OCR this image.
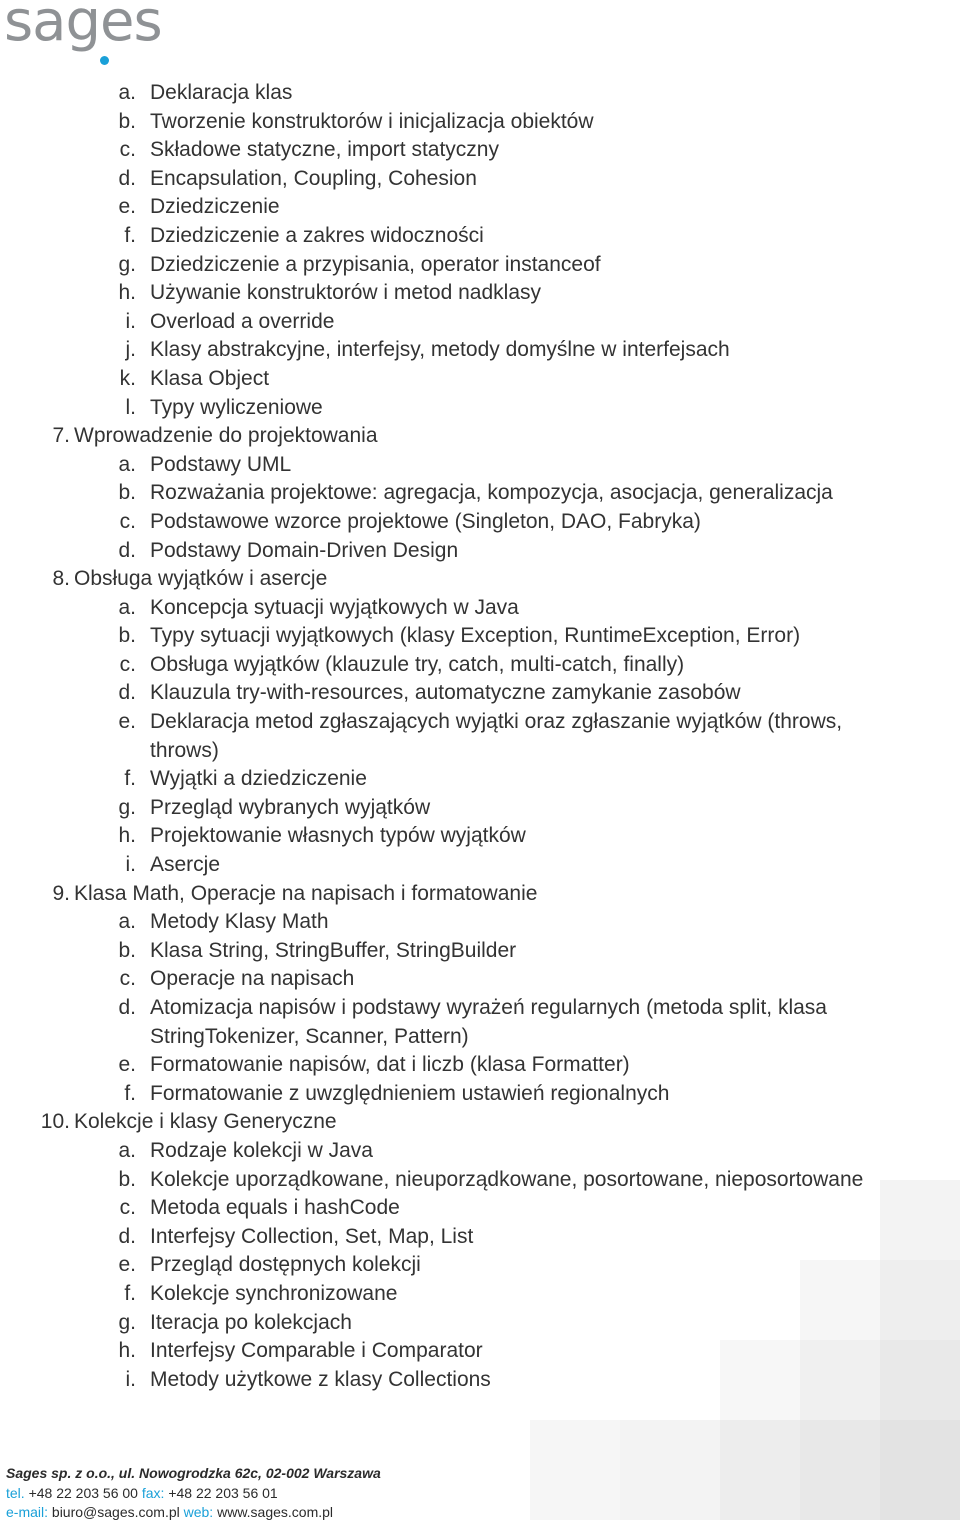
sages
a. Deklaracja klas
b. Tworzenie konstruktorów i inicjalizacja obiektów
c. Składowe statyczne, import statyczny
d. Encapsulation, Coupling, Cohesion
e. Dziedziczenie
f. Dziedziczenie a zakres widoczności
g. Dziedziczenie a przypisania, operator instanceof
h. Używanie konstruktorów i metod nadklasy
i. Overload a override
j. Klasy abstrakcyjne, interfejsy, metody domyślne w interfejsach
k. Klasa Object
l. Typy wyliczeniowe
7. Wprowadzenie do projektowania
a. Podstawy UML
b. Rozważania projektowe: agregacja, kompozycja, asocjacja, generalizacja
c. Podstawowe wzorce projektowe (Singleton, DAO, Fabryka)
d. Podstawy Domain-Driven Design
8. Obsługa wyjątków i asercje
a. Koncepcja sytuacji wyjątkowych w Java
b. Typy sytuacji wyjątkowych (klasy Exception, RuntimeException, Error)
c. Obsługa wyjątków (klauzule try, catch, multi-catch, finally)
d. Klauzula try-with-resources, automatyczne zamykanie zasobów
e. Deklaracja metod zgłaszających wyjątki oraz zgłaszanie wyjątków (throws, throws)
f. Wyjątki a dziedziczenie
g. Przegląd wybranych wyjątków
h. Projektowanie własnych typów wyjątków
i. Asercje
9. Klasa Math, Operacje na napisach i formatowanie
a. Metody Klasy Math
b. Klasa String, StringBuffer, StringBuilder
c. Operacje na napisach
d. Atomizacja napisów i podstawy wyrażeń regularnych (metoda split, klasa StringTokenizer, Scanner, Pattern)
e. Formatowanie napisów, dat i liczb (klasa Formatter)
f. Formatowanie z uwzględnieniem ustawień regionalnych
10. Kolekcje i klasy Generyczne
a. Rodzaje kolekcji w Java
b. Kolekcje uporządkowane, nieuporządkowane, posortowane, nieposortowane
c. Metoda equals i hashCode
d. Interfejsy Collection, Set, Map, List
e. Przegląd dostępnych kolekcji
f. Kolekcje synchronizowane
g. Iteracja po kolekcjach
h. Interfejsy Comparable i Comparator
i. Metody użytkowe z klasy Collections
Sages sp. z o.o., ul. Nowogrodzka 62c, 02-002 Warszawa
tel. +48 22 203 56 00 fax: +48 22 203 56 01
e-mail: biuro@sages.com.pl web: www.sages.com.pl
